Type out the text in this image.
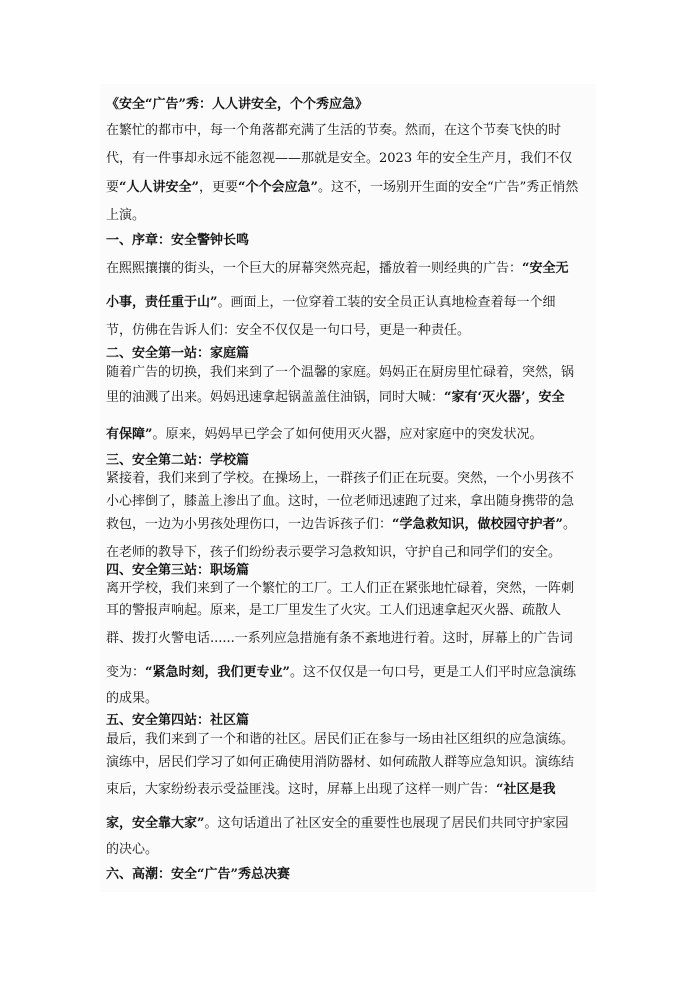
《安全“广告”秀：人人讲安全，个个秀应急》
在繁忙的都市中，每一个角落都充满了生活的节奏。然而，在这个节奏飞快的时
代，有一件事却永远不能忽视——那就是安全。2023 年的安全生产月，我们不仅
要“人人讲安全”，更要“个个会应急”。这不，一场别开生面的安全“广告”秀正悄然
上演。
一、序章：安全警钟长鸣
在熙熙攘攘的街头，一个巨大的屏幕突然亮起，播放着一则经典的广告：“安全无
小事，责任重于山”。画面上，一位穿着工装的安全员正认真地检查着每一个细
节，仿佛在告诉人们：安全不仅仅是一句口号，更是一种责任。
二、安全第一站：家庭篇
随着广告的切换，我们来到了一个温馨的家庭。妈妈正在厨房里忙碌着，突然，锅
里的油溅了出来。妈妈迅速拿起锅盖盖住油锅，同时大喊：“家有‘灭火器’，安全
有保障”。原来，妈妈早已学会了如何使用灭火器，应对家庭中的突发状况。
三、安全第二站：学校篇
紧接着，我们来到了学校。在操场上，一群孩子们正在玩耍。突然，一个小男孩不
小心摔倒了，膝盖上渗出了血。这时，一位老师迅速跑了过来，拿出随身携带的急
救包，一边为小男孩处理伤口，一边告诉孩子们：“学急救知识，做校园守护者”。
在老师的教导下，孩子们纷纷表示要学习急救知识，守护自己和同学们的安全。
四、安全第三站：职场篇
离开学校，我们来到了一个繁忙的工厂。工人们正在紧张地忙碌着，突然，一阵刺
耳的警报声响起。原来，是工厂里发生了火灾。工人们迅速拿起灭火器、疏散人
群、拨打火警电话......一系列应急措施有条不紊地进行着。这时，屏幕上的广告词
变为：“紧急时刻，我们更专业”。这不仅仅是一句口号，更是工人们平时应急演练
的成果。
五、安全第四站：社区篇
最后，我们来到了一个和谐的社区。居民们正在参与一场由社区组织的应急演练。
演练中，居民们学习了如何正确使用消防器材、如何疏散人群等应急知识。演练结
束后，大家纷纷表示受益匪浅。这时，屏幕上出现了这样一则广告：“社区是我
家，安全靠大家”。这句话道出了社区安全的重要性也展现了居民们共同守护家园
的决心。
六、高潮：安全“广告”秀总决赛
